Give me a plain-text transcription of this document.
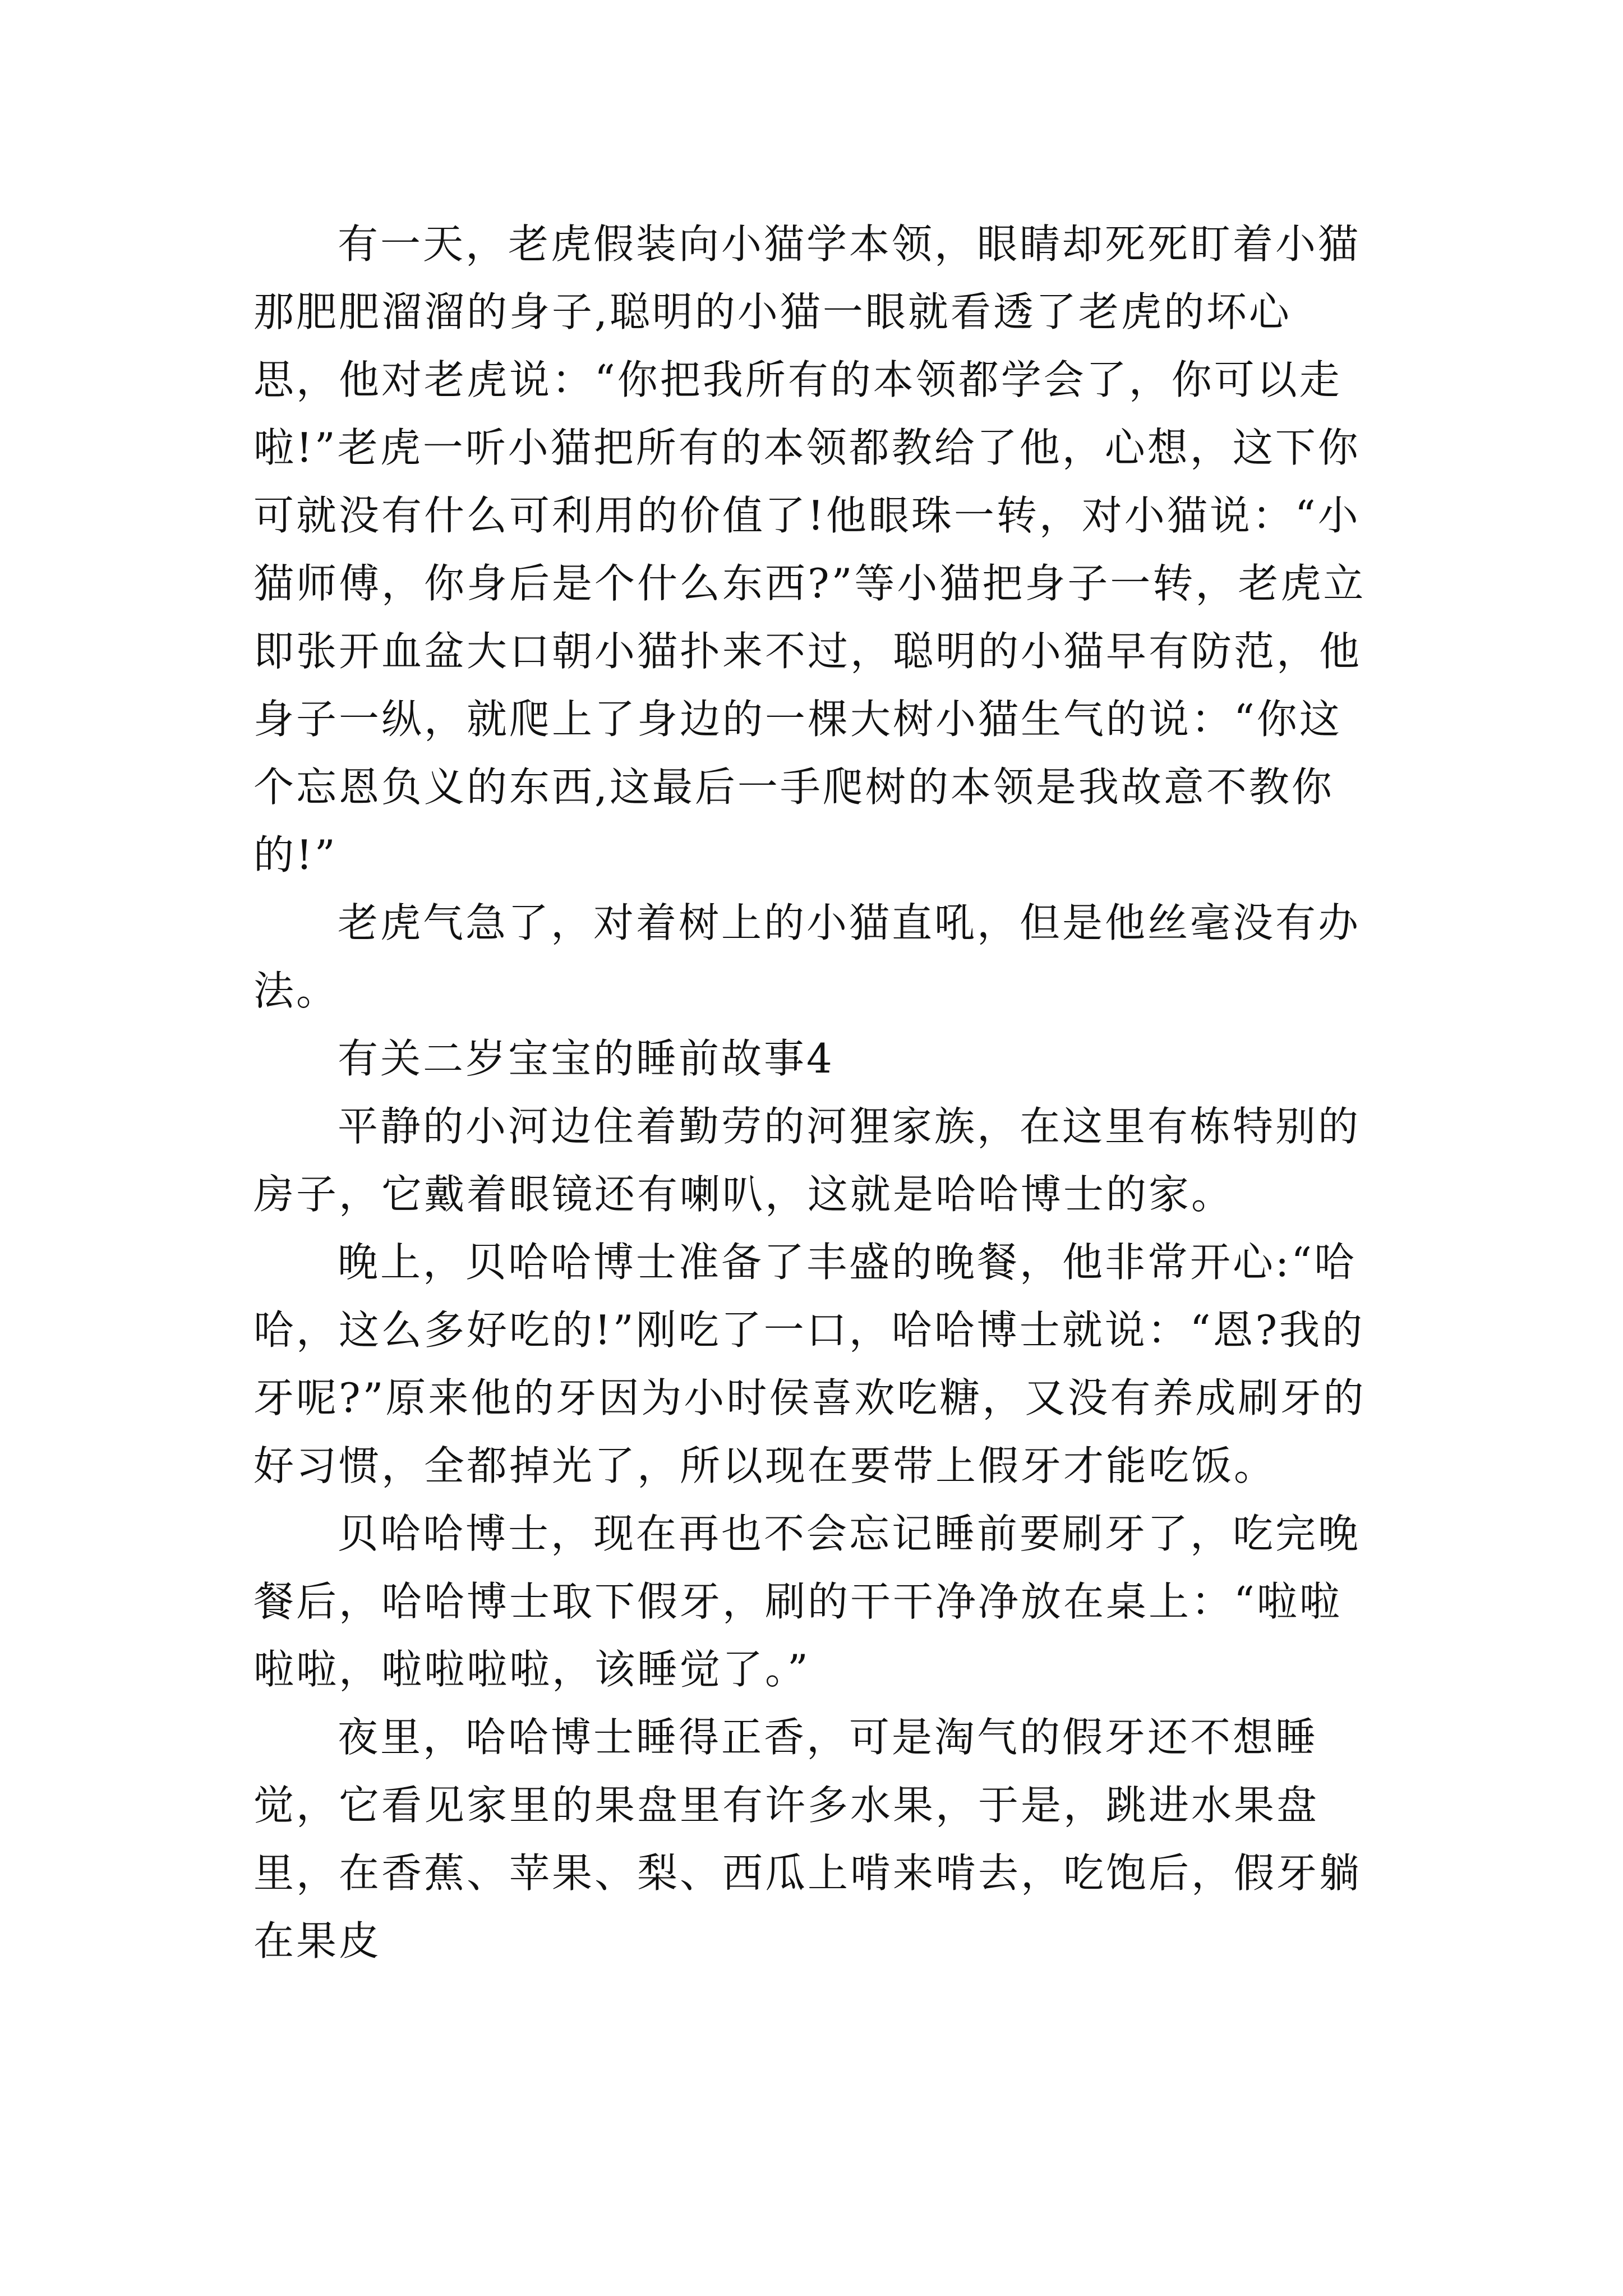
有一天，老虎假装向小猫学本领，眼睛却死死盯着小猫那肥肥溜溜的身子,聪明的小猫一眼就看透了老虎的坏心思，他对老虎说：“你把我所有的本领都学会了，你可以走啦!”老虎一听小猫把所有的本领都教给了他，心想，这下你可就没有什么可利用的价值了!他眼珠一转，对小猫说：“小猫师傅，你身后是个什么东西?”等小猫把身子一转，老虎立即张开血盆大口朝小猫扑来不过，聪明的小猫早有防范，他身子一纵，就爬上了身边的一棵大树小猫生气的说：“你这个忘恩负义的东西,这最后一手爬树的本领是我故意不教你的!”

老虎气急了，对着树上的小猫直吼，但是他丝毫没有办法。

有关二岁宝宝的睡前故事4

平静的小河边住着勤劳的河狸家族，在这里有栋特别的房子，它戴着眼镜还有喇叭，这就是哈哈博士的家。

晚上，贝哈哈博士准备了丰盛的晚餐，他非常开心:“哈哈，这么多好吃的!”刚吃了一口，哈哈博士就说：“恩?我的牙呢?”原来他的牙因为小时侯喜欢吃糖，又没有养成刷牙的好习惯，全都掉光了，所以现在要带上假牙才能吃饭。

贝哈哈博士，现在再也不会忘记睡前要刷牙了，吃完晚餐后，哈哈博士取下假牙，刷的干干净净放在桌上：“啦啦啦啦，啦啦啦啦，该睡觉了。”

夜里，哈哈博士睡得正香，可是淘气的假牙还不想睡觉，它看见家里的果盘里有许多水果，于是，跳进水果盘里，在香蕉、苹果、梨、西瓜上啃来啃去，吃饱后，假牙躺在果皮
